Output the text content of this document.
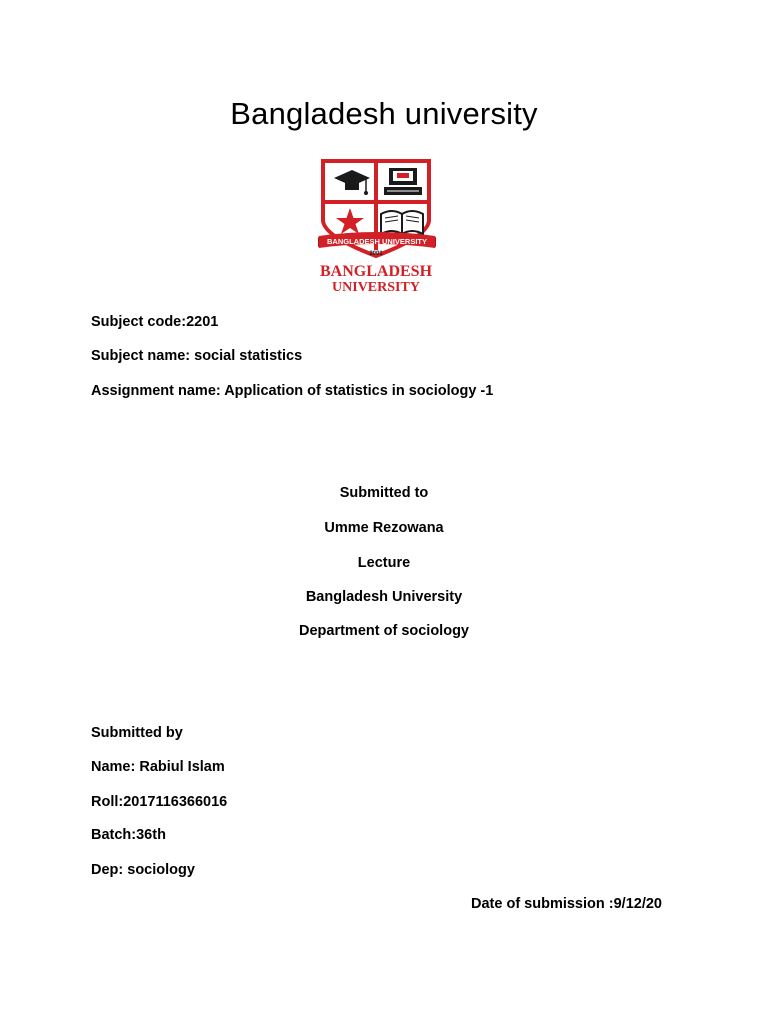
Bangladesh university
BANGLADESH UNIVERSITY
2001
BANGLADESH
UNIVERSITY
Subject code:2201
Subject name: social statistics
Assignment name: Application of statistics in sociology -1
Submitted to
Umme Rezowana
Lecture
Bangladesh University
Department of sociology
Submitted by
Name: Rabiul Islam
Roll:2017116366016
Batch:36th
Dep: sociology
Date of submission :9/12/20
